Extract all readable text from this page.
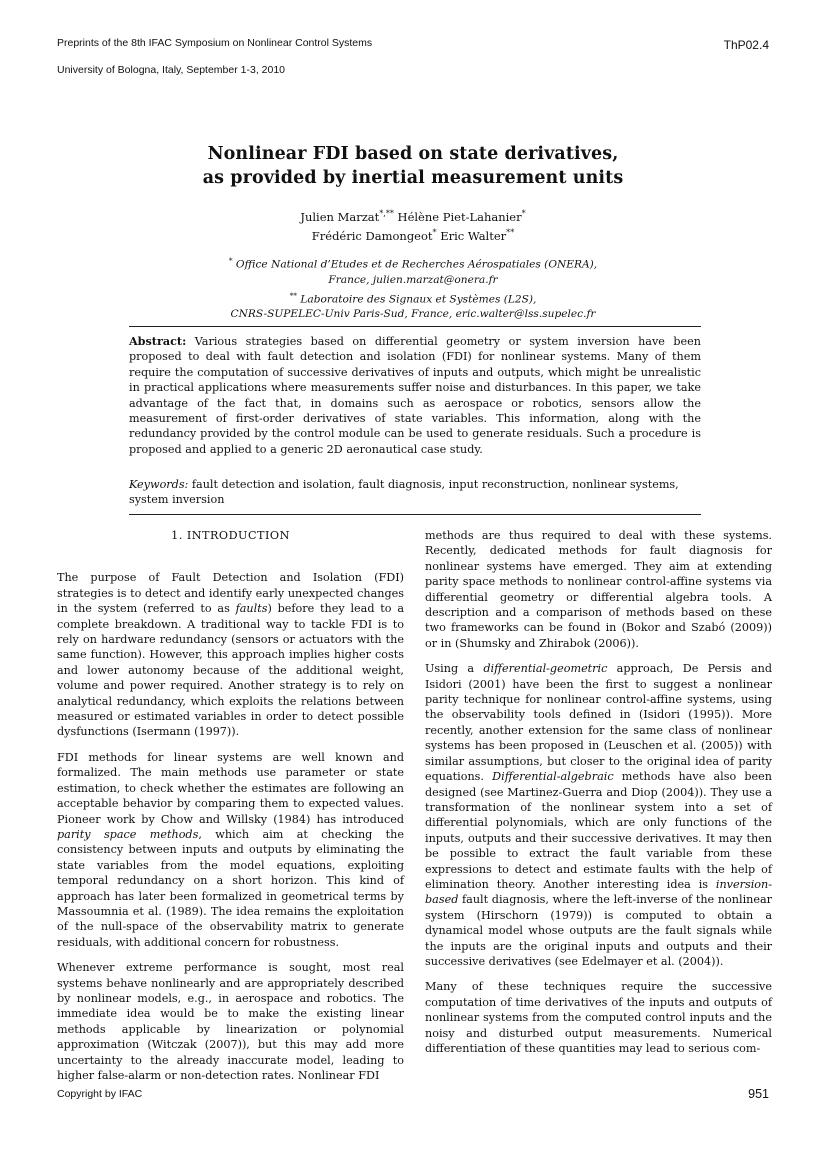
Preprints of the 8th IFAC Symposium on Nonlinear Control Systems
University of Bologna, Italy, September 1-3, 2010
ThP02.4
Nonlinear FDI based on state derivatives,
as provided by inertial measurement units
Julien Marzat*,** Hélène Piet-Lahanier*
Frédéric Damongeot* Eric Walter**
* Office National d’Etudes et de Recherches Aérospatiales (ONERA),
France, julien.marzat@onera.fr
** Laboratoire des Signaux et Systèmes (L2S),
CNRS-SUPELEC-Univ Paris-Sud, France, eric.walter@lss.supelec.fr
Abstract: Various strategies based on differential geometry or system inversion have been proposed to deal with fault detection and isolation (FDI) for nonlinear systems. Many of them require the computation of successive derivatives of inputs and outputs, which might be unrealistic in practical applications where measurements suffer noise and disturbances. In this paper, we take advantage of the fact that, in domains such as aerospace or robotics, sensors allow the measurement of first-order derivatives of state variables. This information, along with the redundancy provided by the control module can be used to generate residuals. Such a procedure is proposed and applied to a generic 2D aeronautical case study.
Keywords: fault detection and isolation, fault diagnosis, input reconstruction, nonlinear systems, system inversion
1. INTRODUCTION

The purpose of Fault Detection and Isolation (FDI) strategies is to detect and identify early unexpected changes in the system (referred to as faults) before they lead to a complete breakdown. A traditional way to tackle FDI is to rely on hardware redundancy (sensors or actuators with the same function). However, this approach implies higher costs and lower autonomy because of the additional weight, volume and power required. Another strategy is to rely on analytical redundancy, which exploits the relations between measured or estimated variables in order to detect possible dysfunctions (Isermann (1997)).

FDI methods for linear systems are well known and formalized. The main methods use parameter or state estimation, to check whether the estimates are following an acceptable behavior by comparing them to expected values. Pioneer work by Chow and Willsky (1984) has introduced parity space methods, which aim at checking the consistency between inputs and outputs by eliminating the state variables from the model equations, exploiting temporal redundancy on a short horizon. This kind of approach has later been formalized in geometrical terms by Massoumnia et al. (1989). The idea remains the exploitation of the null-space of the observability matrix to generate residuals, with additional concern for robustness.

Whenever extreme performance is sought, most real systems behave nonlinearly and are appropriately described by nonlinear models, e.g., in aerospace and robotics. The immediate idea would be to make the existing linear methods applicable by linearization or polynomial approximation (Witczak (2007)), but this may add more uncertainty to the already inaccurate model, leading to higher false-alarm or non-detection rates. Nonlinear FDI

methods are thus required to deal with these systems. Recently, dedicated methods for fault diagnosis for nonlinear systems have emerged. They aim at extending parity space methods to nonlinear control-affine systems via differential geometry or differential algebra tools. A description and a comparison of methods based on these two frameworks can be found in (Bokor and Szabó (2009)) or in (Shumsky and Zhirabok (2006)).

Using a differential-geometric approach, De Persis and Isidori (2001) have been the first to suggest a nonlinear parity technique for nonlinear control-affine systems, using the observability tools defined in (Isidori (1995)). More recently, another extension for the same class of nonlinear systems has been proposed in (Leuschen et al. (2005)) with similar assumptions, but closer to the original idea of parity equations. Differential-algebraic methods have also been designed (see Martinez-Guerra and Diop (2004)). They use a transformation of the nonlinear system into a set of differential polynomials, which are only functions of the inputs, outputs and their successive derivatives. It may then be possible to extract the fault variable from these expressions to detect and estimate faults with the help of elimination theory. Another interesting idea is inversion-based fault diagnosis, where the left-inverse of the nonlinear system (Hirschorn (1979)) is computed to obtain a dynamical model whose outputs are the fault signals while the inputs are the original inputs and outputs and their successive derivatives (see Edelmayer et al. (2004)).

Many of these techniques require the successive computation of time derivatives of the inputs and outputs of nonlinear systems from the computed control inputs and the noisy and disturbed output measurements. Numerical differentiation of these quantities may lead to serious com-

Copyright by IFAC	951
